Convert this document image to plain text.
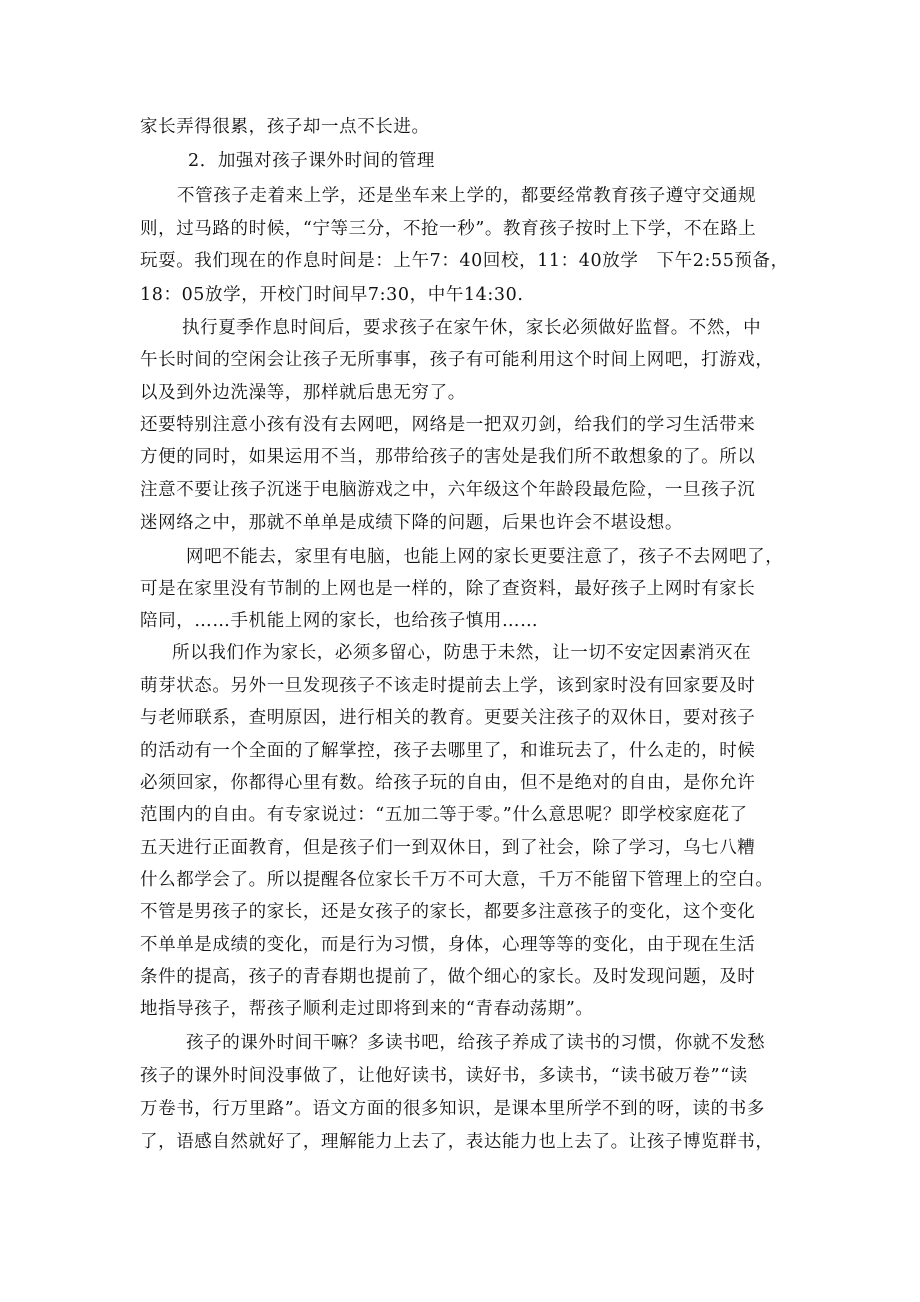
家长弄得很累，孩子却一点不长进。
2．加强对孩子课外时间的管理
不管孩子走着来上学，还是坐车来上学的，都要经常教育孩子遵守交通规
则，过马路的时候，“宁等三分，不抢一秒”。教育孩子按时上下学，不在路上
玩耍。我们现在的作息时间是：上午7：40回校，11：40放学　下午2:55预备，
18：05放学，开校门时间早7:30，中午14:30.
执行夏季作息时间后，要求孩子在家午休，家长必须做好监督。不然，中
午长时间的空闲会让孩子无所事事，孩子有可能利用这个时间上网吧，打游戏，
以及到外边洗澡等，那样就后患无穷了。
还要特别注意小孩有没有去网吧，网络是一把双刃剑，给我们的学习生活带来
方便的同时，如果运用不当，那带给孩子的害处是我们所不敢想象的了。所以
注意不要让孩子沉迷于电脑游戏之中，六年级这个年龄段最危险，一旦孩子沉
迷网络之中，那就不单单是成绩下降的问题，后果也许会不堪设想。
网吧不能去，家里有电脑，也能上网的家长更要注意了，孩子不去网吧了，
可是在家里没有节制的上网也是一样的，除了查资料，最好孩子上网时有家长
陪同，……手机能上网的家长，也给孩子慎用……
所以我们作为家长，必须多留心，防患于未然，让一切不安定因素消灭在
萌芽状态。另外一旦发现孩子不该走时提前去上学，该到家时没有回家要及时
与老师联系，查明原因，进行相关的教育。更要关注孩子的双休日，要对孩子
的活动有一个全面的了解掌控，孩子去哪里了，和谁玩去了，什么走的，时候
必须回家，你都得心里有数。给孩子玩的自由，但不是绝对的自由，是你允许
范围内的自由。有专家说过：“五加二等于零。”什么意思呢？即学校家庭花了
五天进行正面教育，但是孩子们一到双休日，到了社会，除了学习，乌七八糟
什么都学会了。所以提醒各位家长千万不可大意，千万不能留下管理上的空白。
不管是男孩子的家长，还是女孩子的家长，都要多注意孩子的变化，这个变化
不单单是成绩的变化，而是行为习惯，身体，心理等等的变化，由于现在生活
条件的提高，孩子的青春期也提前了，做个细心的家长。及时发现问题，及时
地指导孩子，帮孩子顺利走过即将到来的“青春动荡期”。
孩子的课外时间干嘛？多读书吧，给孩子养成了读书的习惯，你就不发愁
孩子的课外时间没事做了，让他好读书，读好书，多读书，“读书破万卷”“读
万卷书，行万里路”。语文方面的很多知识，是课本里所学不到的呀，读的书多
了，语感自然就好了，理解能力上去了，表达能力也上去了。让孩子博览群书，
